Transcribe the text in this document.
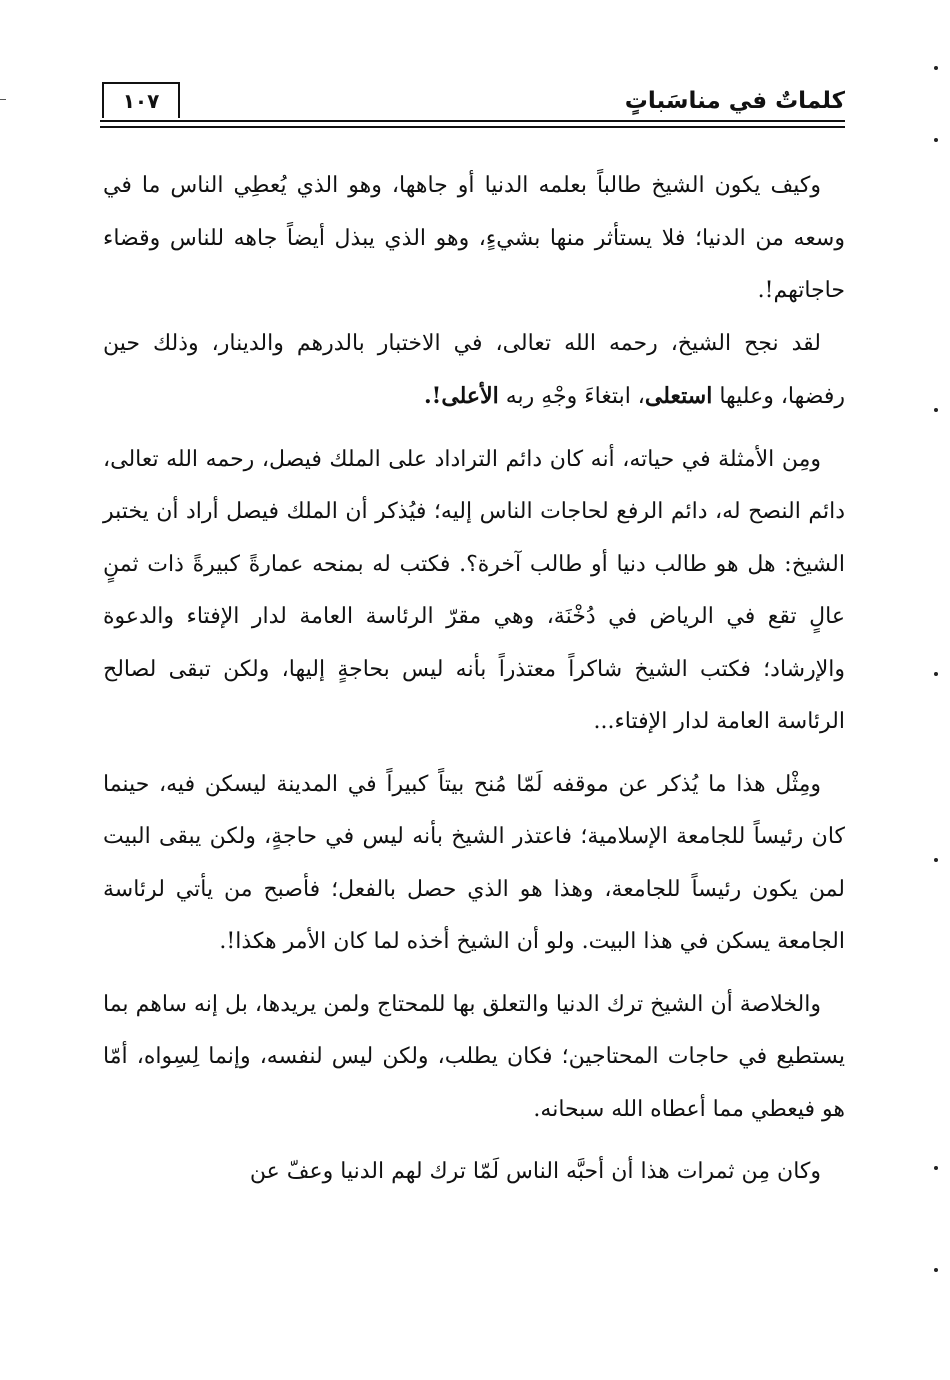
كلماتٌ في مناسَباتٍ
١٠٧

وكيف يكون الشيخ طالباً بعلمه الدنيا أو جاهها، وهو الذي يُعطِي الناس ما في وسعه من الدنيا؛ فلا يستأثر منها بشيءٍ، وهو الذي يبذل أيضاً جاهه للناس وقضاء حاجاتهم!.

لقد نجح الشيخ، رحمه الله تعالى، في الاختبار بالدرهم والدينار، وذلك حين رفضها، وعليها استعلى، ابتغاءَ وجْهِ ربه الأعلى!.

ومِن الأمثلة في حياته، أنه كان دائم التراداد على الملك فيصل، رحمه الله تعالى، دائم النصح له، دائم الرفع لحاجات الناس إليه؛ فيُذكر أن الملك فيصل أراد أن يختبر الشيخ: هل هو طالب دنيا أو طالب آخرة؟. فكتب له بمنحه عمارةً كبيرةً ذات ثمنٍ عالٍ تقع في الرياض في دُخْنَة، وهي مقرّ الرئاسة العامة لدار الإفتاء والدعوة والإرشاد؛ فكتب الشيخ شاكراً معتذراً بأنه ليس بحاجةٍ إليها، ولكن تبقى لصالح الرئاسة العامة لدار الإفتاء...

ومِثْل هذا ما يُذكر عن موقفه لَمّا مُنح بيتاً كبيراً في المدينة ليسكن فيه، حينما كان رئيساً للجامعة الإسلامية؛ فاعتذر الشيخ بأنه ليس في حاجةٍ، ولكن يبقى البيت لمن يكون رئيساً للجامعة، وهذا هو الذي حصل بالفعل؛ فأصبح من يأتي لرئاسة الجامعة يسكن في هذا البيت. ولو أن الشيخ أخذه لما كان الأمر هكذا!.

والخلاصة أن الشيخ ترك الدنيا والتعلق بها للمحتاج ولمن يريدها، بل إنه ساهم بما يستطيع في حاجات المحتاجين؛ فكان يطلب، ولكن ليس لنفسه، وإنما لِسِواه، أمّا هو فيعطي مما أعطاه الله سبحانه.

وكان مِن ثمرات هذا أن أحبَّه الناس لَمّا ترك لهم الدنيا وعفّ عن
